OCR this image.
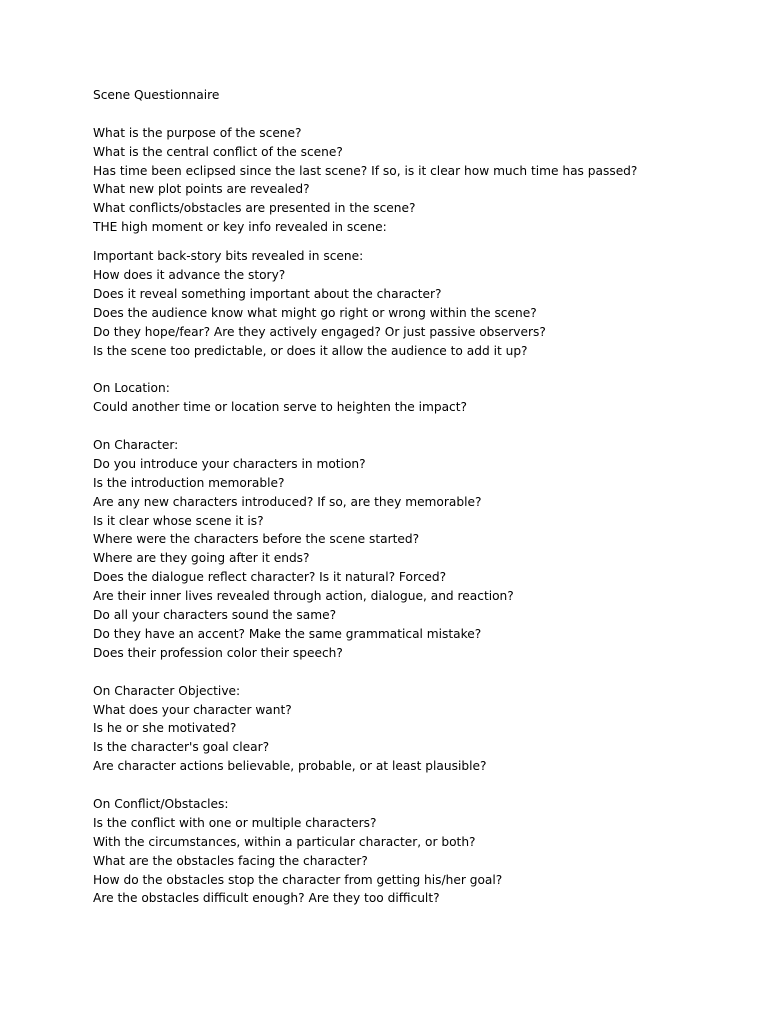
Scene Questionnaire

What is the purpose of the scene?

What is the central conflict of the scene?

Has time been eclipsed since the last scene? If so, is it clear how much time has passed?

What new plot points are revealed?

What conflicts/obstacles are presented in the scene?

THE high moment or key info revealed in scene:

Important back-story bits revealed in scene:

How does it advance the story?

Does it reveal something important about the character?

Does the audience know what might go right or wrong within the scene?

Do they hope/fear? Are they actively engaged? Or just passive observers?

Is the scene too predictable, or does it allow the audience to add it up?

On Location:

Could another time or location serve to heighten the impact?

On Character:

Do you introduce your characters in motion?

Is the introduction memorable?

Are any new characters introduced? If so, are they memorable?

Is it clear whose scene it is?

Where were the characters before the scene started?

Where are they going after it ends?

Does the dialogue reflect character? Is it natural? Forced?

Are their inner lives revealed through action, dialogue, and reaction?

Do all your characters sound the same?

Do they have an accent? Make the same grammatical mistake?

Does their profession color their speech?

On Character Objective:

What does your character want?

Is he or she motivated?

Is the character's goal clear?

Are character actions believable, probable, or at least plausible?

On Conflict/Obstacles:

Is the conflict with one or multiple characters?

With the circumstances, within a particular character, or both?

What are the obstacles facing the character?

How do the obstacles stop the character from getting his/her goal?

Are the obstacles difficult enough? Are they too difficult?
